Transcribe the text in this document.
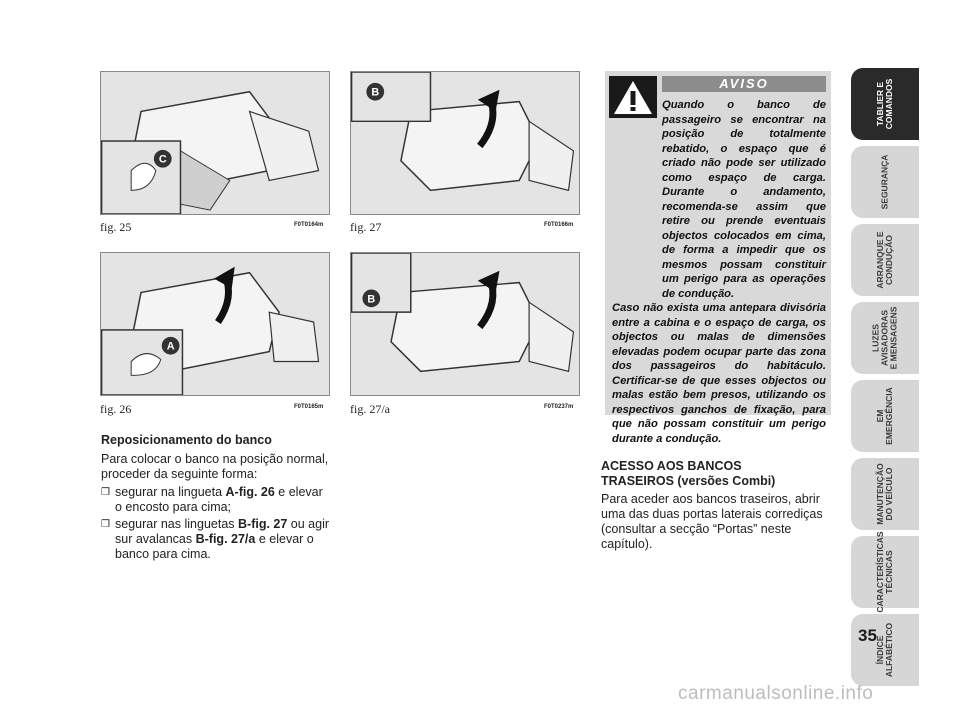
C
fig. 25	F0T0164m
B
fig. 27	F0T0166m
A
fig. 26	F0T0165m
B
fig. 27/a	F0T0237m
Reposicionamento do banco

Para colocar o banco na posição normal, proceder da seguinte forma:

❒ segurar na lingueta A-fig. 26 e elevar o encosto para cima;
❒ segurar nas linguetas B-fig. 27 ou agir sur avalancas B-fig. 27/a e elevar o banco para cima.
AVISO
Quando o banco de passageiro se encontrar na posição de totalmente rebatido, o espaço que é criado não pode ser utilizado como espaço de carga. Durante o andamento, recomenda-se assim que retire ou prende eventuais objectos colocados em cima, de forma a impedir que os mesmos possam constituir um perigo para as operações de condução.
Caso não exista uma antepara divisória entre a cabina e o espaço de carga, os objectos ou malas de dimensões elevadas podem ocupar parte das zona dos passageiros do habitáculo. Certificar-se de que esses objectos ou malas estão bem presos, utilizando os respectivos ganchos de fixação, para que não possam constituir um perigo durante a condução.
ACESSO AOS BANCOS
TRASEIROS (versões Combi)

Para aceder aos bancos traseiros, abrir uma das duas portas laterais corrediças (consultar a secção “Portas” neste capítulo).

TABLIER E
COMANDOS
SEGURANÇA
ARRANQUE E
CONDUÇÃO
LUZES
AVISADORAS
E MENSAGENS
EM
EMERGÊNCIA
MANUTENÇÃO
DO VEÍCULO
CARACTERÍSTICAS
TÉCNICAS
ÍNDICE
ALFABÉTICO
35
carmanualsonline.info
